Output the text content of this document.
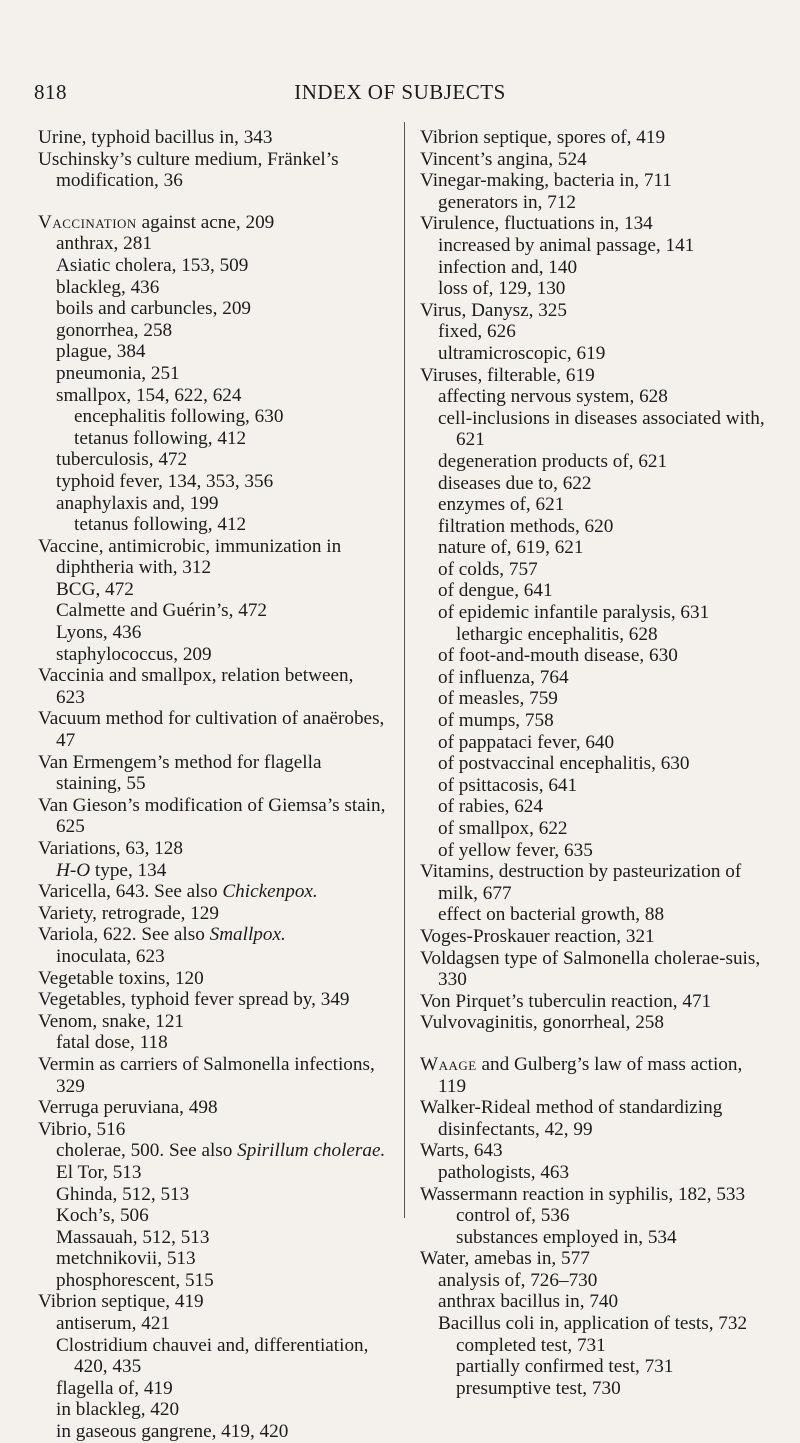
818	INDEX OF SUBJECTS

Urine, typhoid bacillus in, 343

Uschinsky’s culture medium, Fränkel’s modification, 36

Vaccination against acne, 209

anthrax, 281

Asiatic cholera, 153, 509

blackleg, 436

boils and carbuncles, 209

gonorrhea, 258

plague, 384

pneumonia, 251

smallpox, 154, 622, 624

encephalitis following, 630

tetanus following, 412

tuberculosis, 472

typhoid fever, 134, 353, 356

anaphylaxis and, 199

tetanus following, 412

Vaccine, antimicrobic, immunization in diphtheria with, 312

BCG, 472

Calmette and Guérin’s, 472

Lyons, 436

staphylococcus, 209

Vaccinia and smallpox, relation between, 623

Vacuum method for cultivation of anaërobes, 47

Van Ermengem’s method for flagella staining, 55

Van Gieson’s modification of Giemsa’s stain, 625

Variations, 63, 128

H-O type, 134

Varicella, 643. See also Chickenpox.

Variety, retrograde, 129

Variola, 622. See also Smallpox.

inoculata, 623

Vegetable toxins, 120

Vegetables, typhoid fever spread by, 349

Venom, snake, 121

fatal dose, 118

Vermin as carriers of Salmonella infections, 329

Verruga peruviana, 498

Vibrio, 516

cholerae, 500. See also Spirillum cholerae.

El Tor, 513

Ghinda, 512, 513

Koch’s, 506

Massauah, 512, 513

metchnikovii, 513

phosphorescent, 515

Vibrion septique, 419

antiserum, 421

Clostridium chauvei and, differentiation, 420, 435

flagella of, 419

in blackleg, 420

in gaseous gangrene, 419, 420

Vibrion septique, spores of, 419

Vincent’s angina, 524

Vinegar-making, bacteria in, 711

generators in, 712

Virulence, fluctuations in, 134

increased by animal passage, 141

infection and, 140

loss of, 129, 130

Virus, Danysz, 325

fixed, 626

ultramicroscopic, 619

Viruses, filterable, 619

affecting nervous system, 628

cell-inclusions in diseases associated with, 621

degeneration products of, 621

diseases due to, 622

enzymes of, 621

filtration methods, 620

nature of, 619, 621

of colds, 757

of dengue, 641

of epidemic infantile paralysis, 631

lethargic encephalitis, 628

of foot-and-mouth disease, 630

of influenza, 764

of measles, 759

of mumps, 758

of pappataci fever, 640

of postvaccinal encephalitis, 630

of psittacosis, 641

of rabies, 624

of smallpox, 622

of yellow fever, 635

Vitamins, destruction by pasteurization of milk, 677

effect on bacterial growth, 88

Voges-Proskauer reaction, 321

Voldagsen type of Salmonella cholerae-suis, 330

Von Pirquet’s tuberculin reaction, 471

Vulvovaginitis, gonorrheal, 258

Waage and Gulberg’s law of mass action, 119

Walker-Rideal method of standardizing disinfectants, 42, 99

Warts, 643

pathologists, 463

Wassermann reaction in syphilis, 182, 533

control of, 536

substances employed in, 534

Water, amebas in, 577

analysis of, 726–730

anthrax bacillus in, 740

Bacillus coli in, application of tests, 732

completed test, 731

partially confirmed test, 731

presumptive test, 730
